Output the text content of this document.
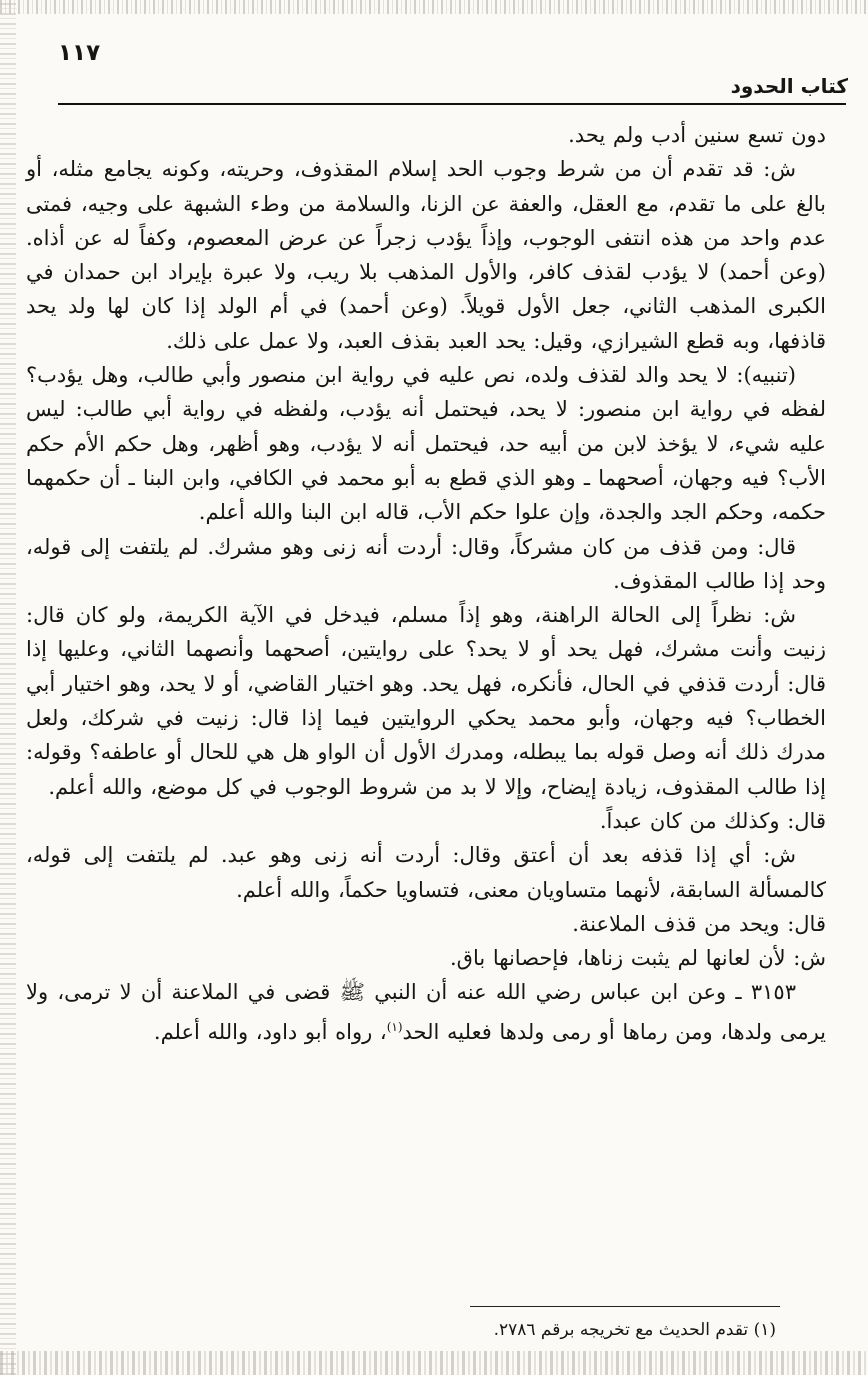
١١٧
كتاب الحدود

دون تسع سنين أدب ولم يحد.

ش: قد تقدم أن من شرط وجوب الحد إسلام المقذوف، وحريته، وكونه يجامع مثله، أو بالغ على ما تقدم، مع العقل، والعفة عن الزنا، والسلامة من وطء الشبهة على وجيه، فمتى عدم واحد من هذه انتفى الوجوب، وإذاً يؤدب زجراً عن عرض المعصوم، وكفاً له عن أذاه. (وعن أحمد) لا يؤدب لقذف كافر، والأول المذهب بلا ريب، ولا عبرة بإيراد ابن حمدان في الكبرى المذهب الثاني، جعل الأول قويلاً. (وعن أحمد) في أم الولد إذا كان لها ولد يحد قاذفها، وبه قطع الشيرازي، وقيل: يحد العبد بقذف العبد، ولا عمل على ذلك.

(تنبيه): لا يحد والد لقذف ولده، نص عليه في رواية ابن منصور وأبي طالب، وهل يؤدب؟ لفظه في رواية ابن منصور: لا يحد، فيحتمل أنه يؤدب، ولفظه في رواية أبي طالب: ليس عليه شيء، لا يؤخذ لابن من أبيه حد، فيحتمل أنه لا يؤدب، وهو أظهر، وهل حكم الأم حكم الأب؟ فيه وجهان، أصحهما ـ وهو الذي قطع به أبو محمد في الكافي، وابن البنا ـ أن حكمهما حكمه، وحكم الجد والجدة، وإن علوا حكم الأب، قاله ابن البنا والله أعلم.

قال: ومن قذف من كان مشركاً، وقال: أردت أنه زنى وهو مشرك. لم يلتفت إلى قوله، وحد إذا طالب المقذوف.

ش: نظراً إلى الحالة الراهنة، وهو إذاً مسلم، فيدخل في الآية الكريمة، ولو كان قال: زنيت وأنت مشرك، فهل يحد أو لا يحد؟ على روايتين، أصحهما وأنصهما الثاني، وعليها إذا قال: أردت قذفي في الحال، فأنكره، فهل يحد. وهو اختيار القاضي، أو لا يحد، وهو اختيار أبي الخطاب؟ فيه وجهان، وأبو محمد يحكي الروايتين فيما إذا قال: زنيت في شركك، ولعل مدرك ذلك أنه وصل قوله بما يبطله، ومدرك الأول أن الواو هل هي للحال أو عاطفه؟ وقوله: إذا طالب المقذوف، زيادة إيضاح، وإلا لا بد من شروط الوجوب في كل موضع، والله أعلم.

قال: وكذلك من كان عبداً.

ش: أي إذا قذفه بعد أن أعتق وقال: أردت أنه زنى وهو عبد. لم يلتفت إلى قوله، كالمسألة السابقة، لأنهما متساويان معنى، فتساويا حكماً، والله أعلم.

قال: ويحد من قذف الملاعنة.

ش: لأن لعانها لم يثبت زناها، فإحصانها باق.

٣١٥٣ ـ وعن ابن عباس رضي الله عنه أن النبي ﷺ قضى في الملاعنة أن لا ترمى، ولا يرمى ولدها، ومن رماها أو رمى ولدها فعليه الحد$^{(١)}$، رواه أبو داود، والله أعلم.

(١) تقدم الحديث مع تخريجه برقم ٢٧٨٦.
